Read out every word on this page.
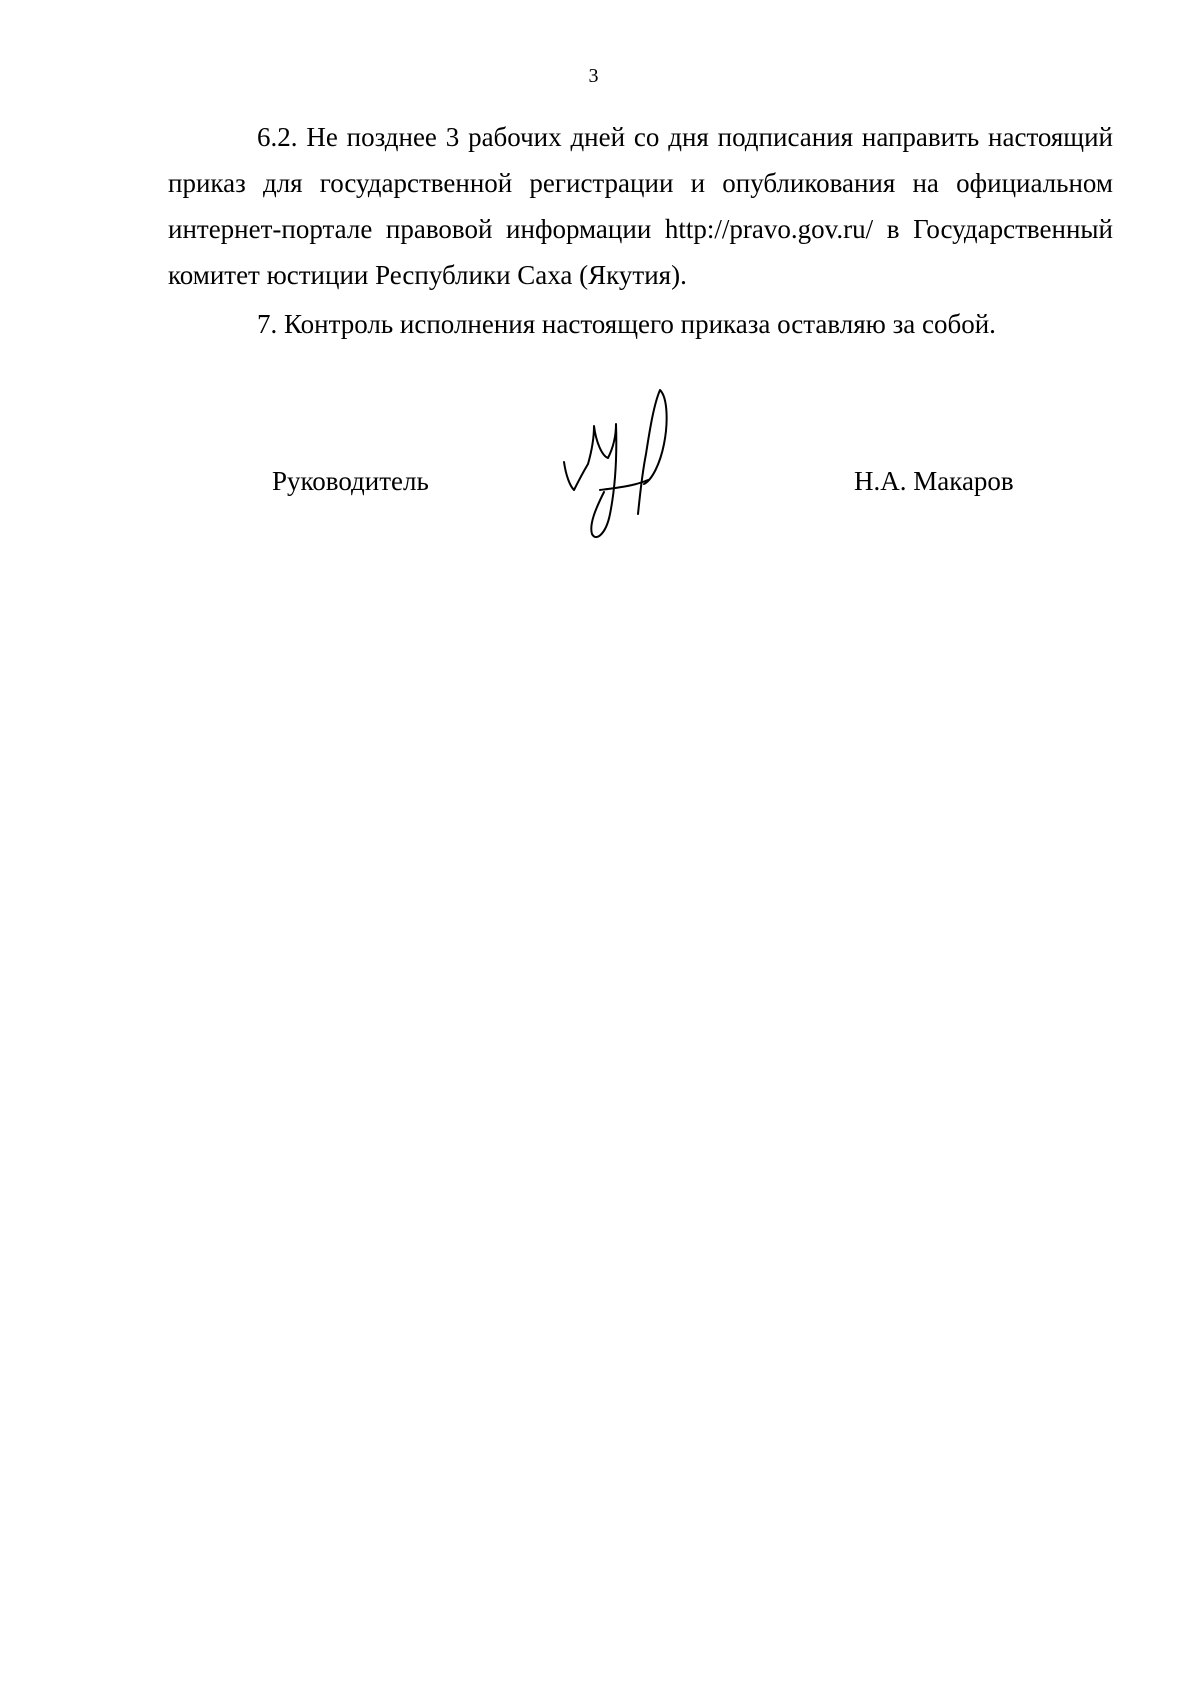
3

6.2. Не позднее 3 рабочих дней со дня подписания направить настоящий приказ для государственной регистрации и опубликования на официальном интернет-портале правовой информации http://pravo.gov.ru/ в Государственный комитет юстиции Республики Саха (Якутия).

7. Контроль исполнения настоящего приказа оставляю за собой.

Руководитель	Н.А. Макаров
